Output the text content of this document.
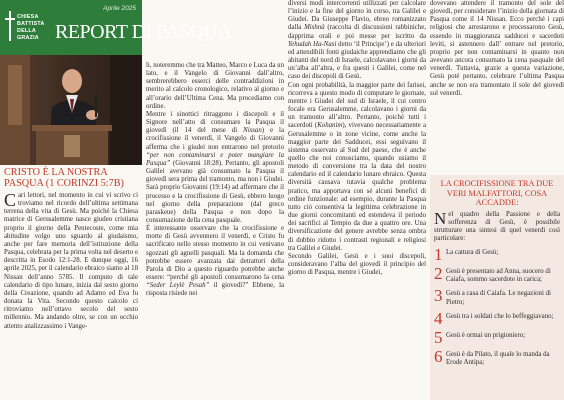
CHIESA
BATTISTA
DELLA
GRAZIA
Aprile 2025
REPORT DI PASQUA
CRISTO È LA NOSTRA PASQUA (1 CORINZI 5:7B)
Cari lettori, nel momento in cui vi scrivo ci troviamo nel ricordo dell’ultima settimana terrena della vita di Gesù. Ma poiché la Chiesa matrice di Gerusalemme nasce giudeo cristiana proprio il giorno della Pentecoste, come mia abitudine volgo uno sguardo al giudaismo, anche per fare memoria dell’istituzione della Pasqua, celebrata per la prima volta nel deserto e descritta in Esodo 12:1-28. E dunque oggi, 16 aprile 2025, per il calendario ebraico siamo al 18 Nissan dell’anno 5785. Il computo di tale calendario di tipo lunare, inizia dal sesto giorno della Creazione, quando ad Adamo ed Eva fu donata la Vita. Secondo questo calcolo ci ritroviamo nell’ottavo secolo del sesto millennio. Ma andando oltre, se con un occhio attento analizzassimo i Vange-

li, noteremmo che tra Matteo, Marco e Luca da un lato, e il Vangelo di Giovanni dall’altro, sembrerebbero esserci delle contraddizioni in merito al calcolo cronologico, relativo al giorno e all’orario dell’Ultima Cena. Ma procediamo con ordine.

Mentre i sinottici ritraggono i discepoli e il Signore nell’atto di consumare la Pasqua il giovedì (il 14 del mese di Nissan) e la crocifissione il venerdì, il Vangelo di Giovanni afferma che i giudei non entrarono nel pretorio “per non contaminarsi e poter mangiare la Pasqua” (Giovanni 18:28). Pertanto, gli apostoli Galilei avevano già consumato la Pasqua il giovedì sera prima del tramonto, ma non i Giudei. Sarà proprio Giovanni (19:14) ad affermare che il processo e la crocifissione di Gesù, ebbero luogo nel giorno della preparazione (dal greco paraskeue) della Pasqua e non dopo la consumazione della cena pasquale.

È interessante osservare che la crocifissione e morte di Gesù avvennero il venerdì, e Cristo fu sacrificato nello stesso momento in cui venivano sgozzati gli agnelli pasquali. Ma la domanda che potrebbe essere avanzata dai detrattori della Parola di Dio a questo riguardo potrebbe anche essere: “perché gli apostoli consumarono la cena “Seder Leylè Pesah” il giovedì?” Ebbene, la risposta risiede nei

diversi modi intercorrenti utilizzati per calcolare l’inizio e la fine del giorno in corso, tra Galilei e Giudei. Da Giuseppe Flavio, ebreo romanizzato dalla Mishnà (raccolta di discussioni rabbiniche, dapprima orali e poi messe per iscritto da Yehudah Ha-Nasi detto ‘il Principe’) e da ulteriori ed attendibili fonti giudaiche apprendiamo che gli abitanti del nord di Israele, calcolavano i giorni da un’alba all’altra, e fra questi i Galilei, come nel caso dei discepoli di Gesù.

Con ogni probabilità, la maggior parte dei farisei, ricorreva a questo modo di computare le giornate, mentre i Giudei del sud di Israele, il cui centro focale era Gerusalemme, calcolavano i giorni da un tramonto all’altro. Pertanto, poiché tutti i sacerdoti (Kohanim), vivevano necessariamente a Gerusalemme o in zone vicine, come anche la maggior parte dei Sadducei, essi seguivano il sistema osservato al Sud del paese, che è anche quello che noi conosciamo, quando usiamo il metodo di conversione tra la data del nostro calendario ed il calendario lunare ebraico. Questa diversità causava tutavia qualche problema pratico, ma apportava con sé alcuni benefici di ordine funzionale: ad esempio, durante la Pasqua tutto ciò consentiva la legittima celebrazione in due giorni concomitanti ed estendeva il periodo dei sacrifici al Tempio da due a quattro ore. Una diversificazione del genere avrebbe senza ombra di dubbio ridotto i contrasti regionali e religiosi tra Galilei e Giudei.

Secondo Galilei, Gesù e i suoi discepoli, consideravano l’alba del giovedì il principio del giorno di Pasqua, mentre i Giudei,

dovevano attendere il tramonto del sole del giovedì, per considerare l’inizio della giornata di Pasqua come il 14 Nissan. Ecco perché i capi religiosi che arrestarono e processarono Gesù, essendo in maggioranza sadducei e sacerdoti leviti, si astennero dall’ entrare nel pretorio, proprio per non contaminarsi in quanto non avevano ancora consumato la cena pasquale del venerdì. Tuttavia, grazie a questa variazione, Gesù poté pertanto, celebrare l’ultima Pasqua anche se non era tramontato il sole del giovedì sul venerdì.

LA CROCIFISSIONE TRA DUE VERI MALFATTORI, COSA ACCADDE:

Nel quadro della Passione e della sofferenza di Gesù, è possibile strutturare una sintesi di quel venerdì così particolare:

1 La cattura di Gesù;
2 Gesù è presentato ad Anna, suocero di Caiafa, sommo sacerdote in carica;
3 Gesù a casa di Caiafa. Le negazioni di Pietro;
4 Gesù tra i soldati che lo beffeggiavano;
5 Gesù è ormai un prigioniero;
6 Gesù è da Pilato, il quale lo manda da Erode Antipa;
